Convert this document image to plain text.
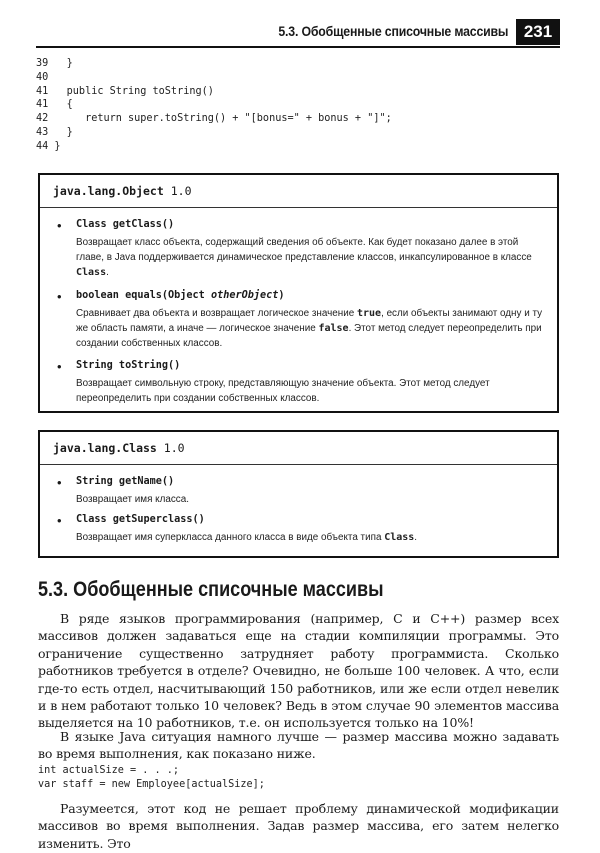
5.3. Обобщенные списочные массивы 231
39   }
40
41   public String toString()
41   {
42      return super.toString() + "[bonus=" + bonus + "]";
43   }
44 }
java.lang.Object 1.0
• Class getClass()
Возвращает класс объекта, содержащий сведения об объекте. Как будет показано далее в этой главе, в Java поддерживается динамическое представление классов, инкапсулированное в классе Class.
• boolean equals(Object otherObject)
Сравнивает два объекта и возвращает логическое значение true, если объекты занимают одну и ту же область памяти, а иначе — логическое значение false. Этот метод следует переопределить при создании собственных классов.
• String toString()
Возвращает символьную строку, представляющую значение объекта. Этот метод следует переопределить при создании собственных классов.
java.lang.Class 1.0
• String getName()
Возвращает имя класса.
• Class getSuperclass()
Возвращает имя суперкласса данного класса в виде объекта типа Class.
5.3. Обобщенные списочные массивы

В ряде языков программирования (например, С и С++) размер всех массивов должен задаваться еще на стадии компиляции программы. Это ограничение существенно затрудняет работу программиста. Сколько работников требуется в отделе? Очевидно, не больше 100 человек. А что, если где-то есть отдел, насчитывающий 150 работников, или же если отдел невелик и в нем работают только 10 человек? Ведь в этом случае 90 элементов массива выделяется на 10 работников, т.е. он используется только на 10%!

В языке Java ситуация намного лучше — размер массива можно задавать во время выполнения, как показано ниже.

int actualSize = . . .;
var staff = new Employee[actualSize];

Разумеется, этот код не решает проблему динамической модификации массивов во время выполнения. Задав размер массива, его затем нелегко изменить. Это
